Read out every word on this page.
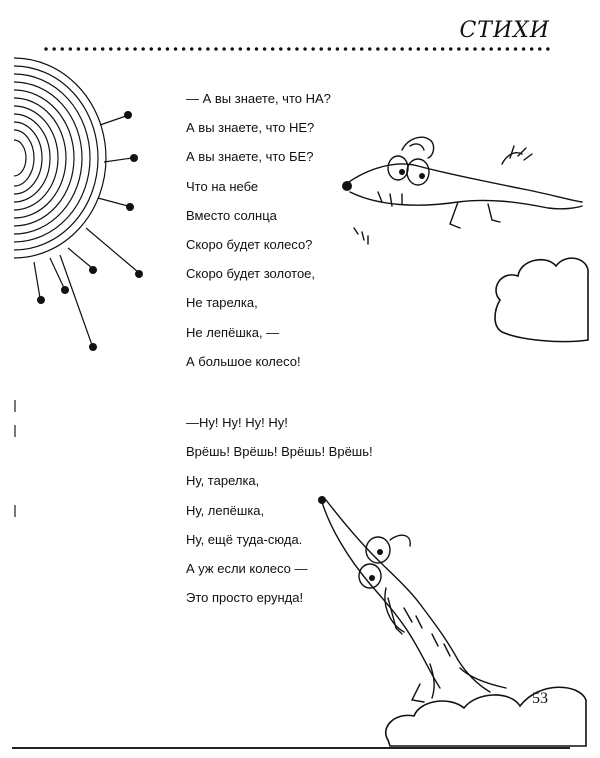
СТИХИ
— А вы знаете, что НА?
А вы знаете, что НЕ?
А вы знаете, что БЕ?
Что на небе
Вместо солнца
Скоро будет колесо?
Скоро будет золотое,
Не тарелка,
Не лепёшка, —
А большое колесо!
—Ну! Ну! Ну! Ну!
Врёшь! Врёшь! Врёшь! Врёшь!
Ну, тарелка,
Ну, лепёшка,
Ну, ещё туда-сюда.
А уж если колесо —
Это просто ерунда!
53
